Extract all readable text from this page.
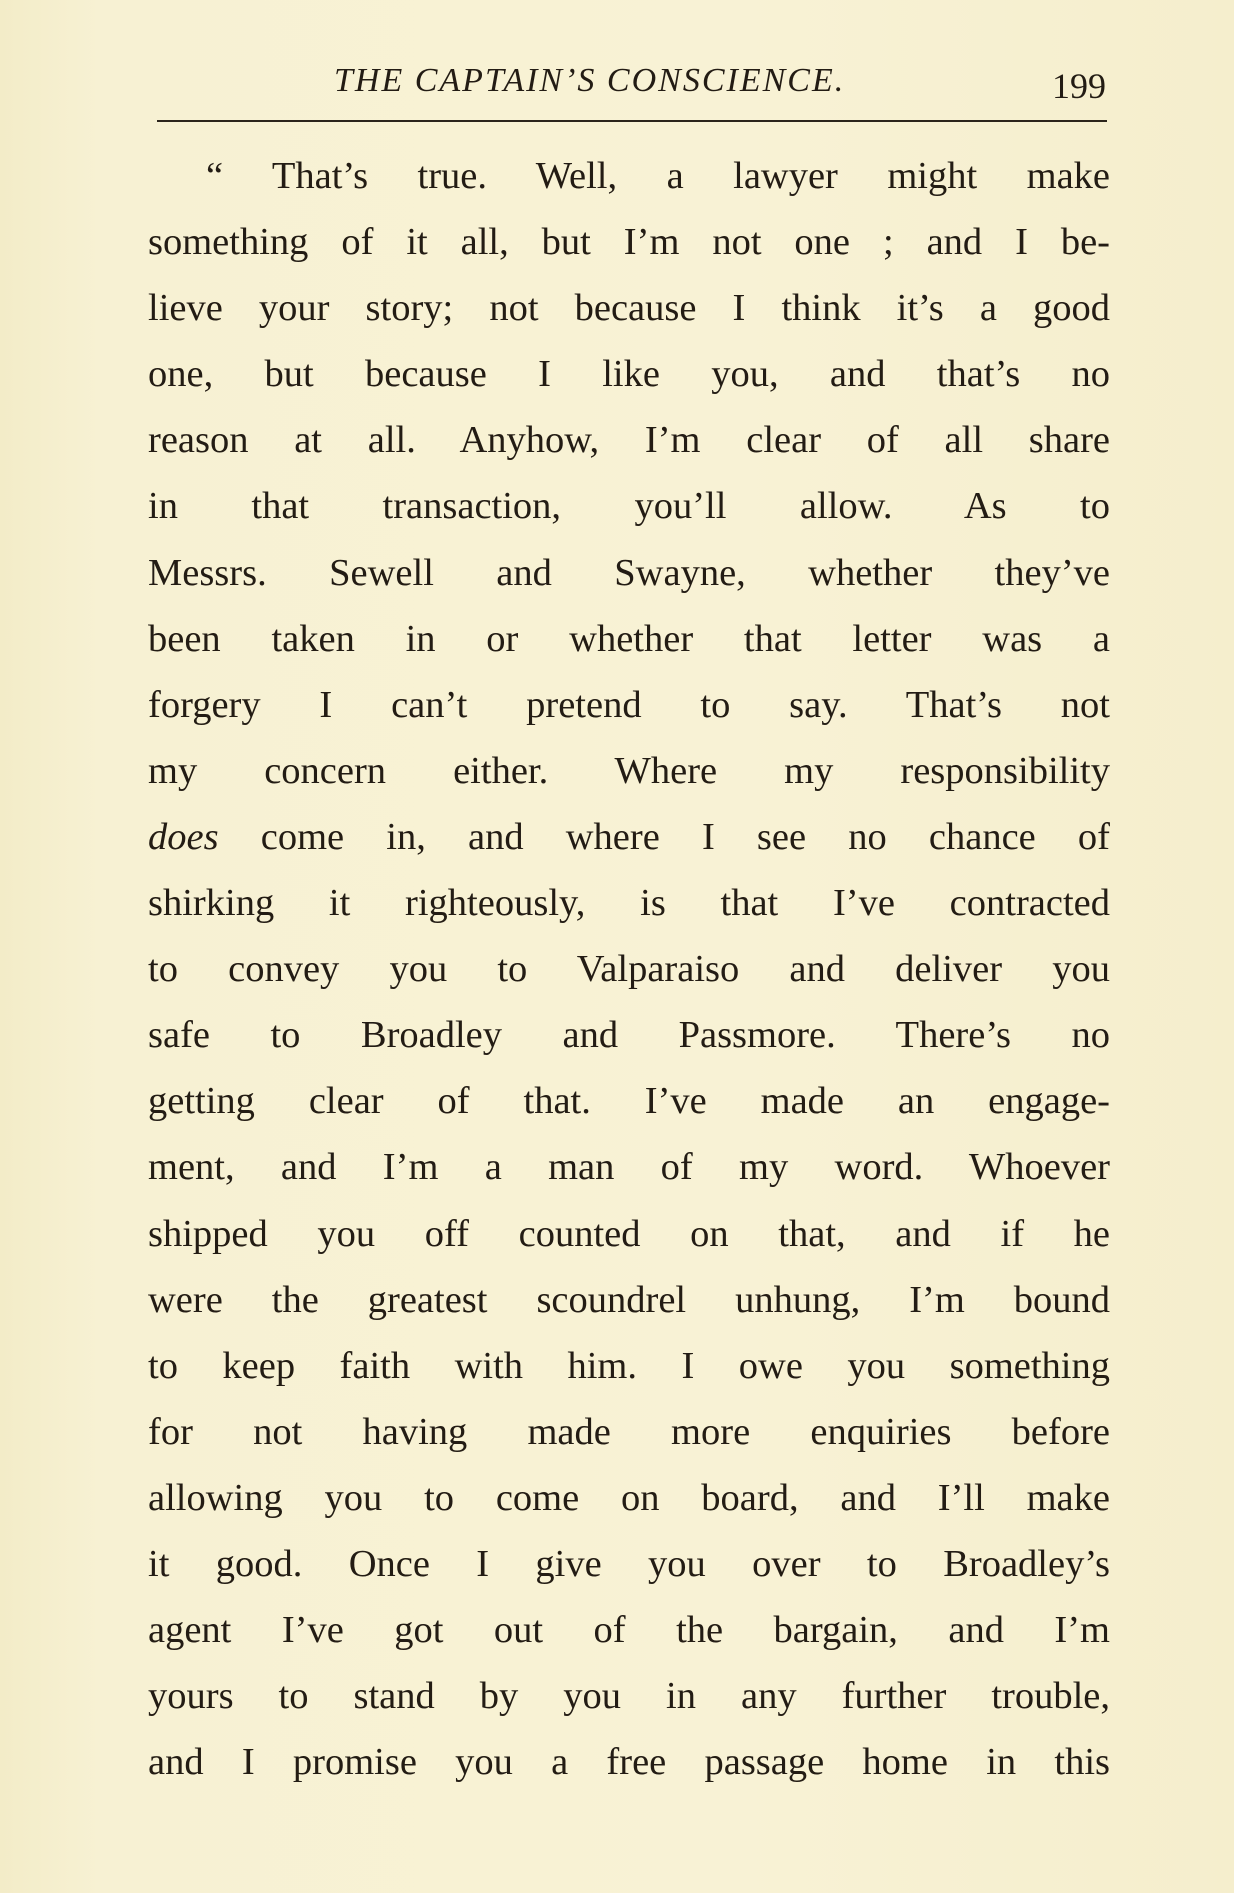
THE CAPTAIN’S CONSCIENCE.	199
“ That’s true. Well, a lawyer might make
something of it all, but I’m not one ; and I be-
lieve your story; not because I think it’s a good
one, but because I like you, and that’s no
reason at all. Anyhow, I’m clear of all share
in that transaction, you’ll allow. As to
Messrs. Sewell and Swayne, whether they’ve
been taken in or whether that letter was a
forgery I can’t pretend to say. That’s not
my concern either. Where my responsibility
does come in, and where I see no chance of
shirking it righteously, is that I’ve contracted
to convey you to Valparaiso and deliver you
safe to Broadley and Passmore. There’s no
getting clear of that. I’ve made an engage-
ment, and I’m a man of my word. Whoever
shipped you off counted on that, and if he
were the greatest scoundrel unhung, I’m bound
to keep faith with him. I owe you something
for not having made more enquiries before
allowing you to come on board, and I’ll make
it good. Once I give you over to Broadley’s
agent I’ve got out of the bargain, and I’m
yours to stand by you in any further trouble,
and I promise you a free passage home in this
